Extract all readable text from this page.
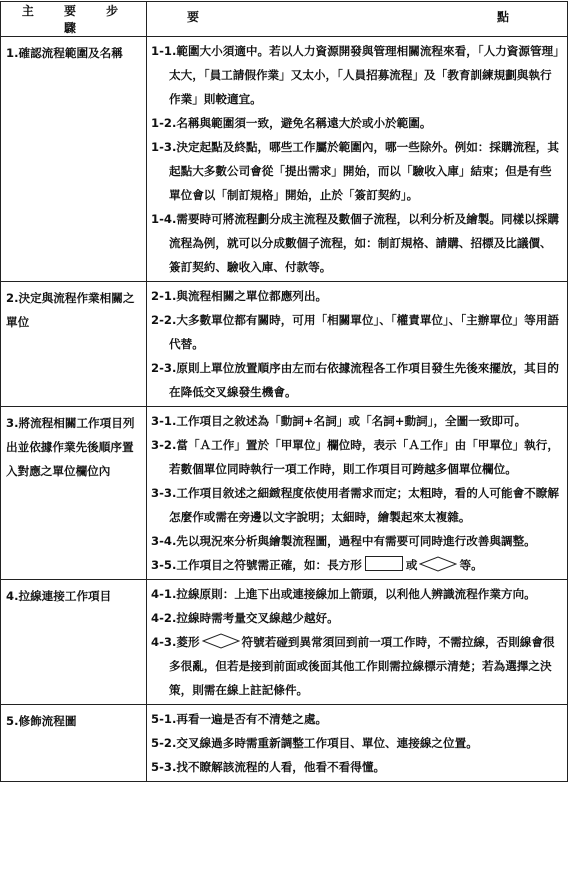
主 要 步 驟	要 點

1.確認流程範圍及名稱	1-1.範圍大小須適中。若以人力資源開發與管理相關流程來看，「人力資源管理」太大，「員工請假作業」又太小，「人員招募流程」及「教育訓練規劃與執行作業」則較適宜。

1-2.名稱與範圍須一致，避免名稱遠大於或小於範圍。

1-3.決定起點及終點，哪些工作屬於範圍內，哪一些除外。例如：採購流程，其起點大多數公司會從「提出需求」開始，而以「驗收入庫」結束；但是有些單位會以「制訂規格」開始，止於「簽訂契約」。

1-4.需要時可將流程劃分成主流程及數個子流程，以利分析及繪製。同樣以採購流程為例，就可以分成數個子流程，如：制訂規格、請購、招標及比議價、簽訂契約、驗收入庫、付款等。

2.決定與流程作業相關之單位	2-1.與流程相關之單位都應列出。

2-2.大多數單位都有關時，可用「相關單位」、「權責單位」、「主辦單位」等用語代替。

2-3.原則上單位放置順序由左而右依據流程各工作項目發生先後來擺放，其目的在降低交叉線發生機會。

3.將流程相關工作項目列出並依據作業先後順序置入對應之單位欄位內	3-1.工作項目之敘述為「動詞+名詞」或「名詞+動詞」，全圖一致即可。

3-2.當「Ａ工作」置於「甲單位」欄位時，表示「Ａ工作」由「甲單位」執行，若數個單位同時執行一項工作時，則工作項目可跨越多個單位欄位。

3-3.工作項目敘述之細緻程度依使用者需求而定；太粗時，看的人可能會不瞭解怎麼作或需在旁邊以文字說明；太細時，繪製起來太複雜。

3-4.先以現況來分析與繪製流程圖，過程中有需要可同時進行改善與調整。

3-5.工作項目之符號需正確，如：長方形 或 等。

4.拉線連接工作項目	4-1.拉線原則：上進下出或連接線加上箭頭，以利他人辨識流程作業方向。

4-2.拉線時需考量交叉線越少越好。

4-3.菱形 符號若碰到異常須回到前一項工作時，不需拉線，否則線會很多很亂，但若是接到前面或後面其他工作則需拉線標示清楚；若為選擇之決策，則需在線上註記條件。

5.修飾流程圖	5-1.再看一遍是否有不清楚之處。

5-2.交叉線過多時需重新調整工作項目、單位、連接線之位置。

5-3.找不瞭解該流程的人看，他看不看得懂。
